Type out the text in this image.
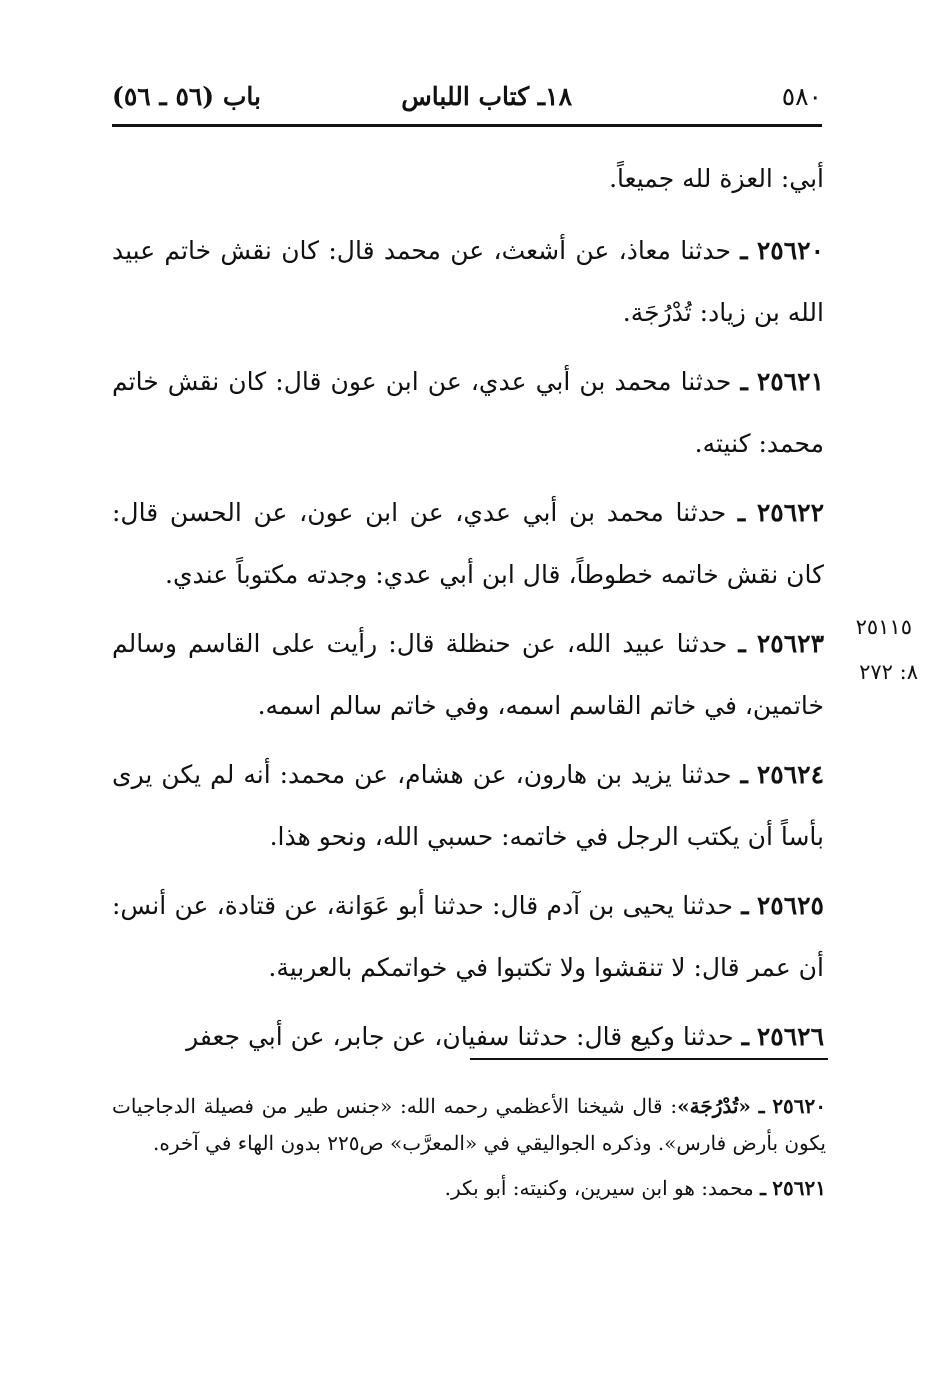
٥٨٠
١٨ـ كتاب اللباس
باب (٥٦ ـ ٥٦)

أبي: العزة لله جميعاً.

٢٥٦٢٠ ـ حدثنا معاذ، عن أشعث، عن محمد قال: كان نقش خاتم عبيد الله بن زياد: تُدْرُجَة.

٢٥٦٢١ ـ حدثنا محمد بن أبي عدي، عن ابن عون قال: كان نقش خاتم محمد: كنيته.

٢٥٦٢٢ ـ حدثنا محمد بن أبي عدي، عن ابن عون، عن الحسن قال: كان نقش خاتمه خطوطاً، قال ابن أبي عدي: وجدته مكتوباً عندي.

٢٥٦٢٣ ـ حدثنا عبيد الله، عن حنظلة قال: رأيت على القاسم وسالم خاتمين، في خاتم القاسم اسمه، وفي خاتم سالم اسمه.

٢٥٦٢٤ ـ حدثنا يزيد بن هارون، عن هشام، عن محمد: أنه لم يكن يرى بأساً أن يكتب الرجل في خاتمه: حسبي الله، ونحو هذا.

٢٥٦٢٥ ـ حدثنا يحيى بن آدم قال: حدثنا أبو عَوَانة، عن قتادة، عن أنس: أن عمر قال: لا تنقشوا ولا تكتبوا في خواتمكم بالعربية.

٢٥٦٢٦ ـ حدثنا وكيع قال: حدثنا سفيان، عن جابر، عن أبي جعفر

٢٥١١٥
٨: ٢٧٢

٢٥٦٢٠ ـ «تُدْرُجَة»: قال شيخنا الأعظمي رحمه الله: «جنس طير من فصيلة الدجاجيات يكون بأرض فارس». وذكره الجواليقي في «المعرَّب» ص٢٢٥ بدون الهاء في آخره.

٢٥٦٢١ ـ محمد: هو ابن سيرين، وكنيته: أبو بكر.
